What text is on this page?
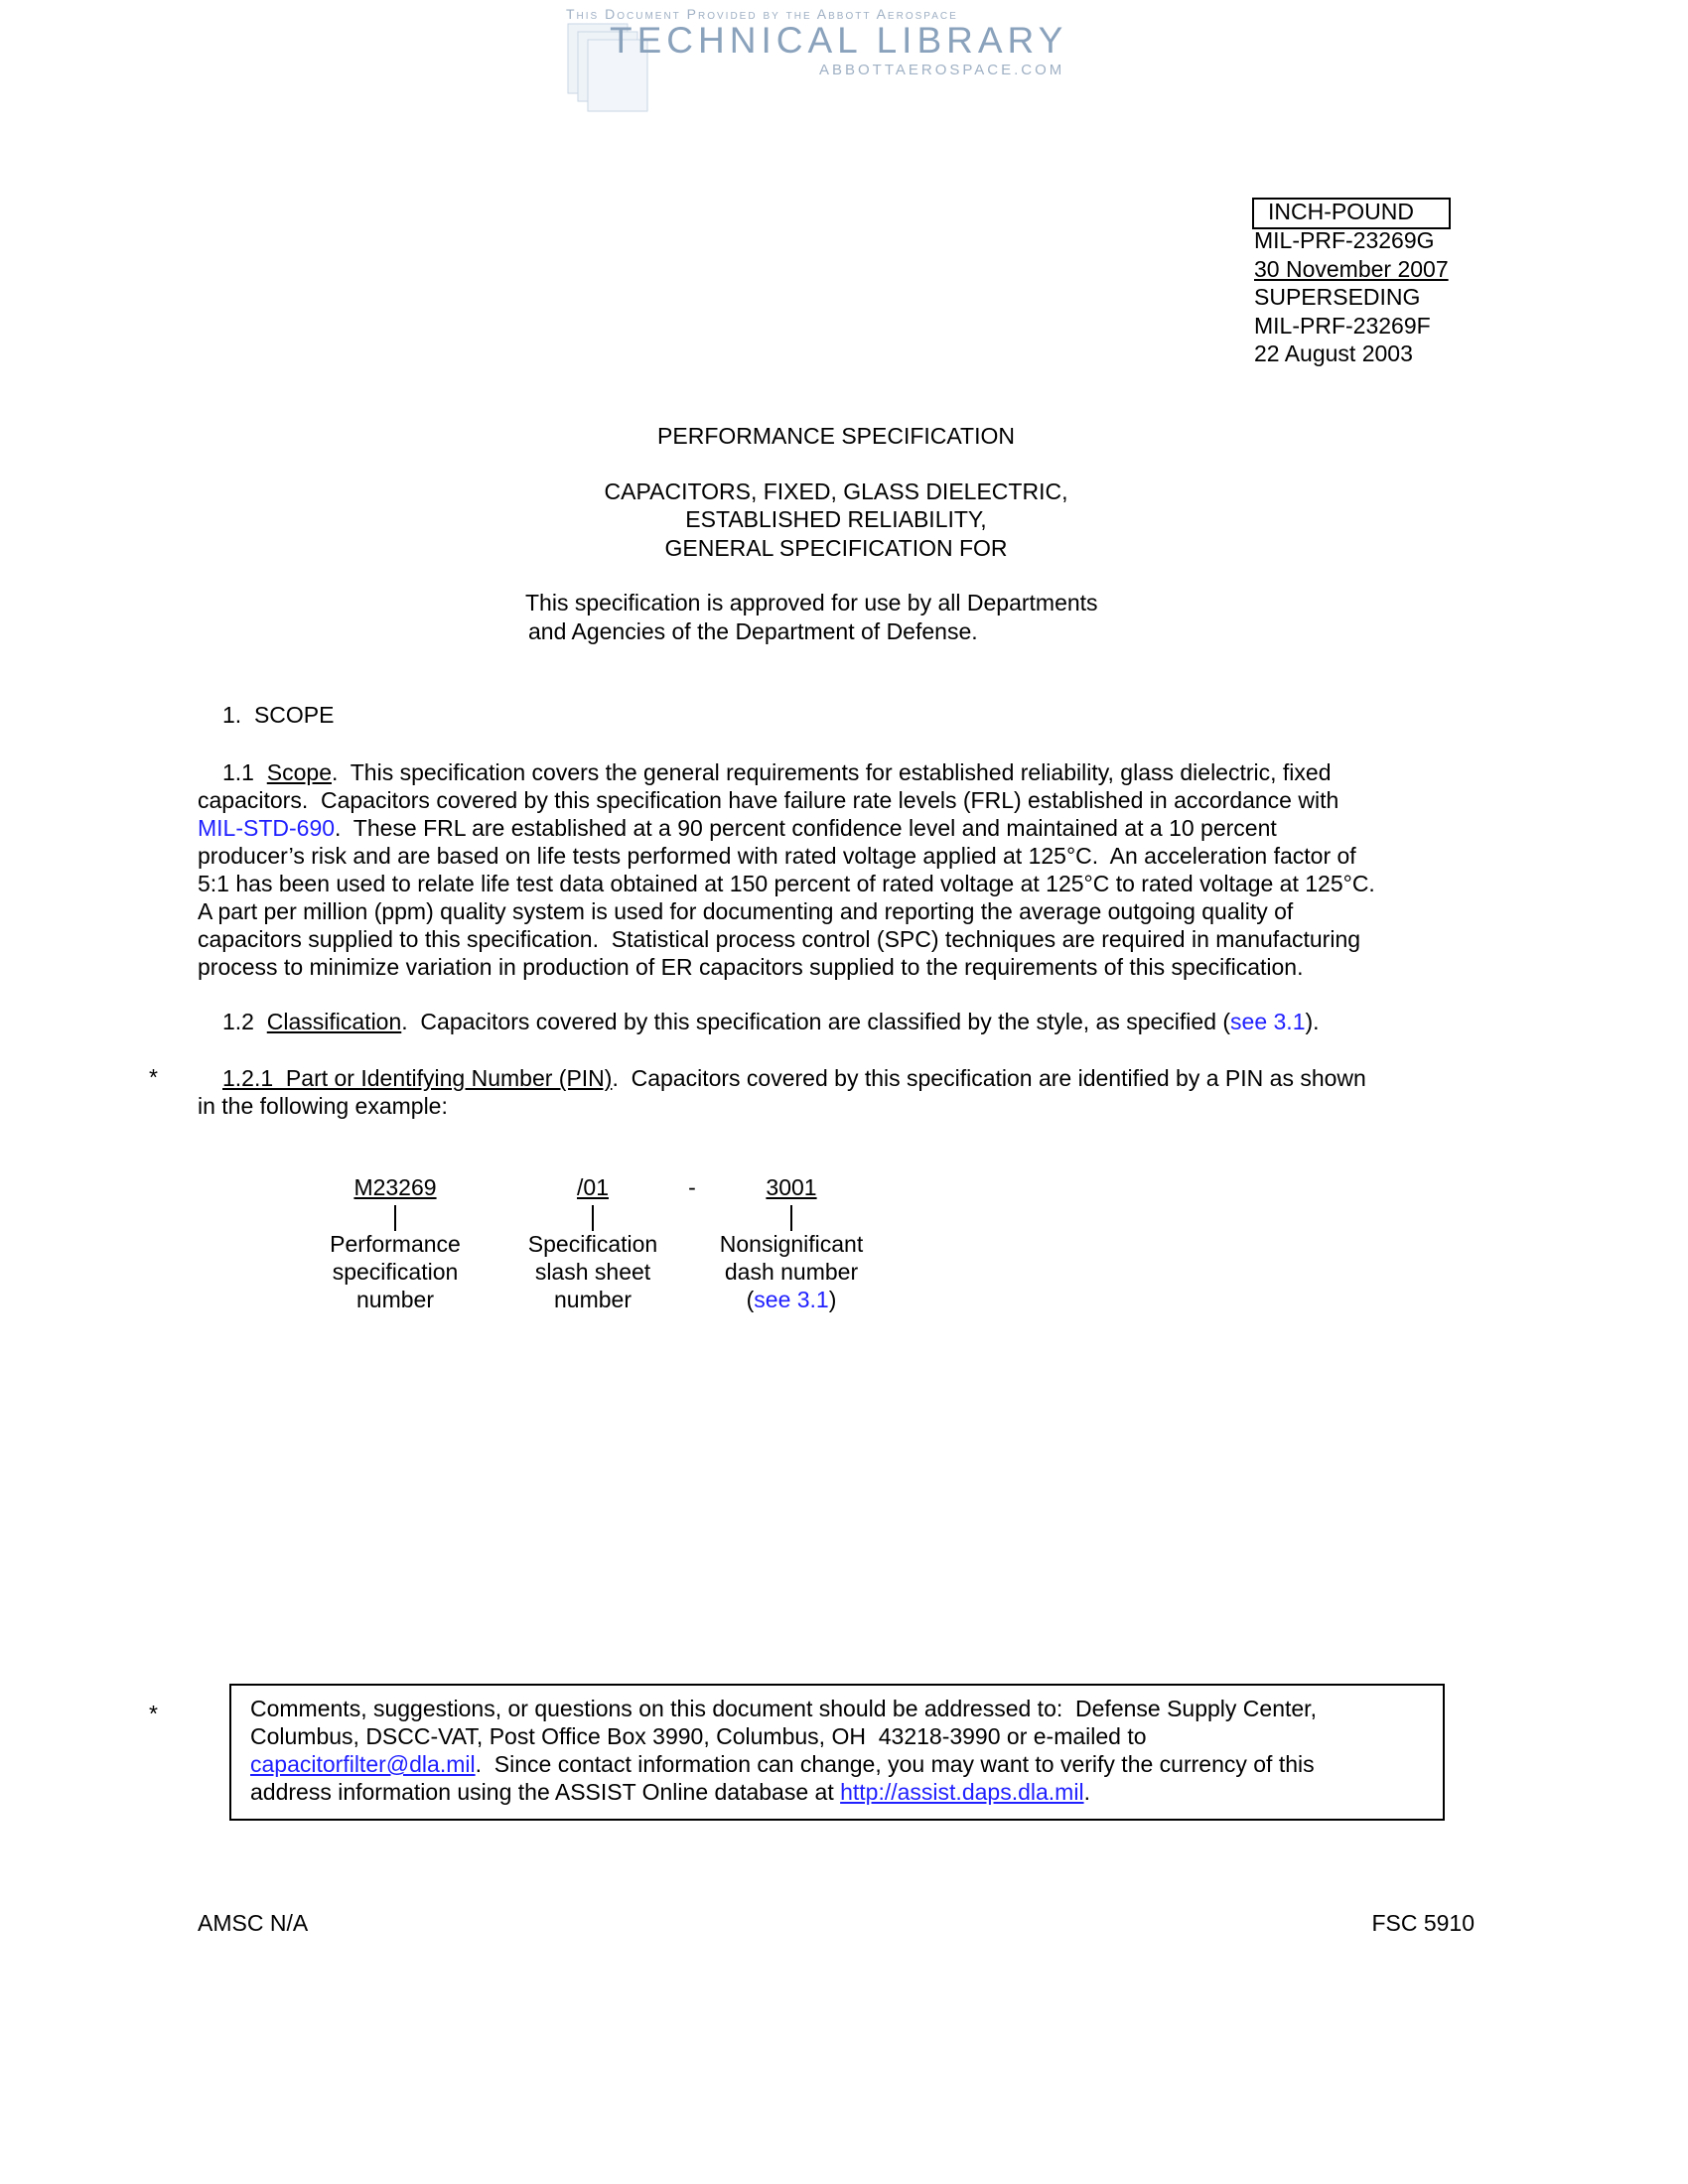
This Document Provided by the Abbott Aerospace
TECHNICAL LIBRARY
ABBOTTAEROSPACE.COM
INCH-POUND
MIL-PRF-23269G
30 November 2007
SUPERSEDING
MIL-PRF-23269F
22 August 2003
PERFORMANCE SPECIFICATION
CAPACITORS, FIXED, GLASS DIELECTRIC,
ESTABLISHED RELIABILITY,
GENERAL SPECIFICATION FOR
This specification is approved for use by all Departments
and Agencies of the Department of Defense.
1.  SCOPE
1.1  Scope.  This specification covers the general requirements for established reliability, glass dielectric, fixed
capacitors.  Capacitors covered by this specification have failure rate levels (FRL) established in accordance with
MIL-STD-690.  These FRL are established at a 90 percent confidence level and maintained at a 10 percent
producer’s risk and are based on life tests performed with rated voltage applied at 125°C.  An acceleration factor of
5:1 has been used to relate life test data obtained at 150 percent of rated voltage at 125°C to rated voltage at 125°C.
A part per million (ppm) quality system is used for documenting and reporting the average outgoing quality of
capacitors supplied to this specification.  Statistical process control (SPC) techniques are required in manufacturing
process to minimize variation in production of ER capacitors supplied to the requirements of this specification.
1.2  Classification.  Capacitors covered by this specification are classified by the style, as specified (see 3.1).
*	1.2.1  Part or Identifying Number (PIN).  Capacitors covered by this specification are identified by a PIN as shown
in the following example:
M23269	/01	-	3001
Performance
specification
number
Specification
slash sheet
number
Nonsignificant
dash number
(see 3.1)
*	Comments, suggestions, or questions on this document should be addressed to:  Defense Supply Center,
Columbus, DSCC-VAT, Post Office Box 3990, Columbus, OH  43218-3990 or e-mailed to
capacitorfilter@dla.mil.  Since contact information can change, you may want to verify the currency of this
address information using the ASSIST Online database at http://assist.daps.dla.mil.
AMSC N/A	FSC 5910
